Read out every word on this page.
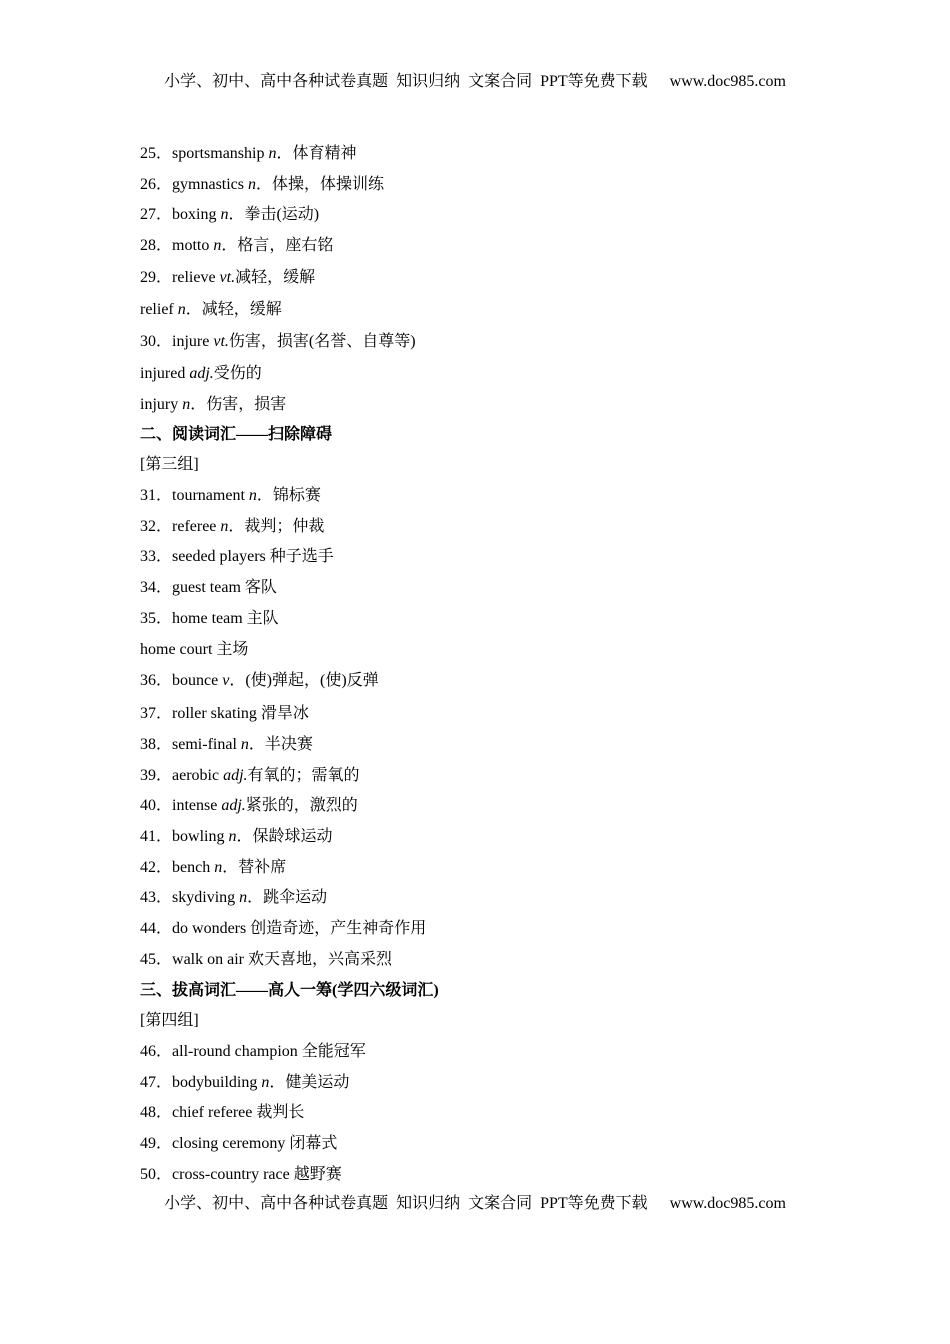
小学、初中、高中各种试卷真题  知识归纳  文案合同  PPT等免费下载 www.doc985.com
25．sportsmanship n．体育精神
26．gymnastics n．体操，体操训练
27．boxing n．拳击(运动)
28．motto n．格言，座右铭
29．relieve vt.减轻，缓解
relief n．减轻，缓解
30．injure vt.伤害，损害(名誉、自尊等)
injured adj.受伤的
injury n．伤害，损害
二、阅读词汇——扫除障碍
[第三组]
31．tournament n．锦标赛
32．referee n．裁判；仲裁
33．seeded players 种子选手
34．guest team 客队
35．home team 主队
home court 主场
36．bounce v．(使)弹起，(使)反弹
37．roller skating 滑旱冰
38．semi-final n．半决赛
39．aerobic adj.有氧的；需氧的
40．intense adj.紧张的，激烈的
41．bowling n．保龄球运动
42．bench n．替补席
43．skydiving n．跳伞运动
44．do wonders 创造奇迹，产生神奇作用
45．walk on air 欢天喜地，兴高采烈
三、拔高词汇——高人一筹(学四六级词汇)
[第四组]
46．all-round champion 全能冠军
47．bodybuilding n．健美运动
48．chief referee 裁判长
49．closing ceremony 闭幕式
50．cross-country race 越野赛
小学、初中、高中各种试卷真题  知识归纳  文案合同  PPT等免费下载 www.doc985.com
